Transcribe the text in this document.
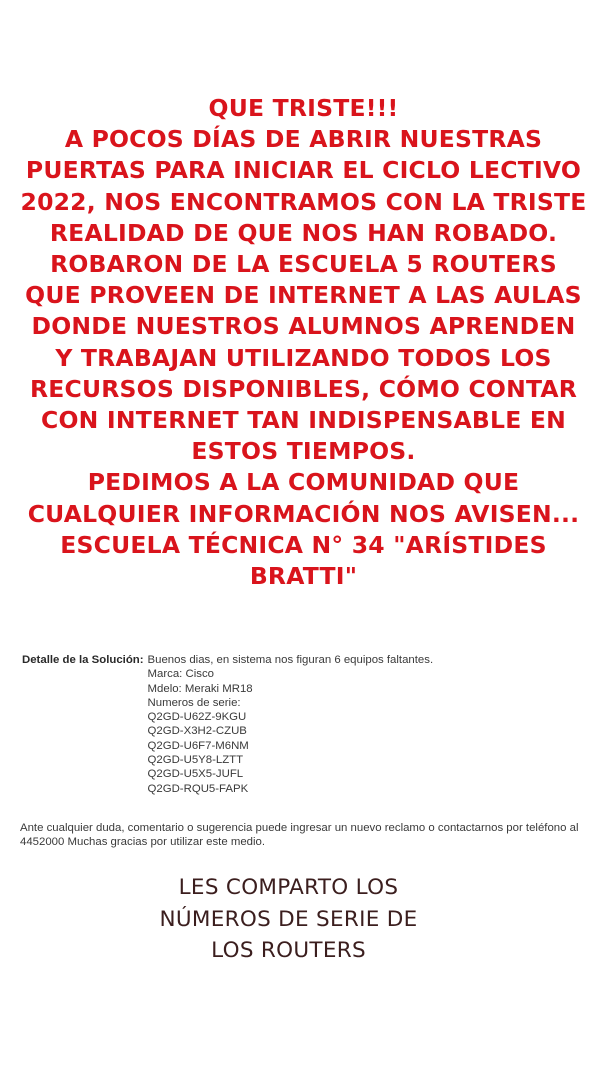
QUE TRISTE!!!
A POCOS DÍAS DE ABRIR NUESTRAS
PUERTAS PARA INICIAR EL CICLO LECTIVO
2022, NOS ENCONTRAMOS CON LA TRISTE
REALIDAD DE QUE NOS HAN ROBADO.
ROBARON DE LA ESCUELA 5 ROUTERS
QUE PROVEEN DE INTERNET A LAS AULAS
DONDE NUESTROS ALUMNOS APRENDEN
Y TRABAJAN UTILIZANDO TODOS LOS
RECURSOS DISPONIBLES, CÓMO CONTAR
CON INTERNET TAN INDISPENSABLE EN
ESTOS TIEMPOS.
PEDIMOS A LA COMUNIDAD QUE
CUALQUIER INFORMACIÓN NOS AVISEN...
ESCUELA TÉCNICA N° 34 "ARÍSTIDES
BRATTI"
Detalle de la Solución: Buenos dias, en sistema nos figuran 6 equipos faltantes.
Marca: Cisco
Mdelo: Meraki MR18
Numeros de serie:
Q2GD-U62Z-9KGU
Q2GD-X3H2-CZUB
Q2GD-U6F7-M6NM
Q2GD-U5Y8-LZTT
Q2GD-U5X5-JUFL
Q2GD-RQU5-FAPK
Ante cualquier duda, comentario o sugerencia puede ingresar un nuevo reclamo o contactarnos por teléfono al 4452000 Muchas gracias por utilizar este medio.
LES COMPARTO LOS
NÚMEROS DE SERIE DE
LOS ROUTERS
